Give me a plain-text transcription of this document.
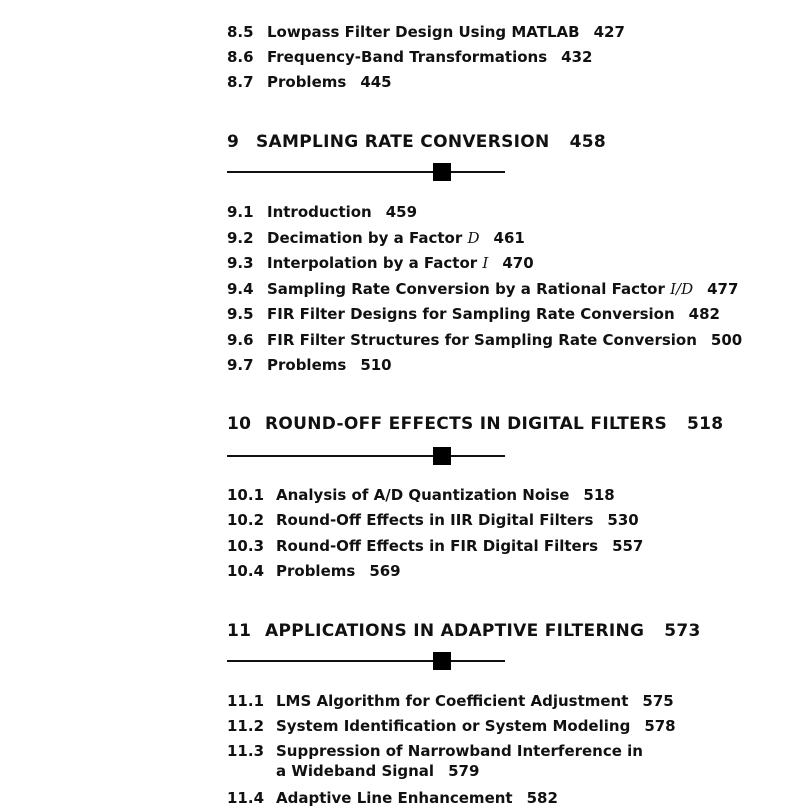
8.5 Lowpass Filter Design Using MATLAB 427

8.6 Frequency-Band Transformations 432

8.7 Problems 445

9 SAMPLING RATE CONVERSION 458

9.1 Introduction 459

9.2 Decimation by a Factor D 461

9.3 Interpolation by a Factor I 470

9.4 Sampling Rate Conversion by a Rational Factor I/D 477

9.5 FIR Filter Designs for Sampling Rate Conversion 482

9.6 FIR Filter Structures for Sampling Rate Conversion 500

9.7 Problems 510

10 ROUND-OFF EFFECTS IN DIGITAL FILTERS 518

10.1 Analysis of A/D Quantization Noise 518

10.2 Round-Off Effects in IIR Digital Filters 530

10.3 Round-Off Effects in FIR Digital Filters 557

10.4 Problems 569

11 APPLICATIONS IN ADAPTIVE FILTERING 573

11.1 LMS Algorithm for Coefficient Adjustment 575

11.2 System Identification or System Modeling 578

11.3 Suppression of Narrowband Interference in
a Wideband Signal 579

11.4 Adaptive Line Enhancement 582
